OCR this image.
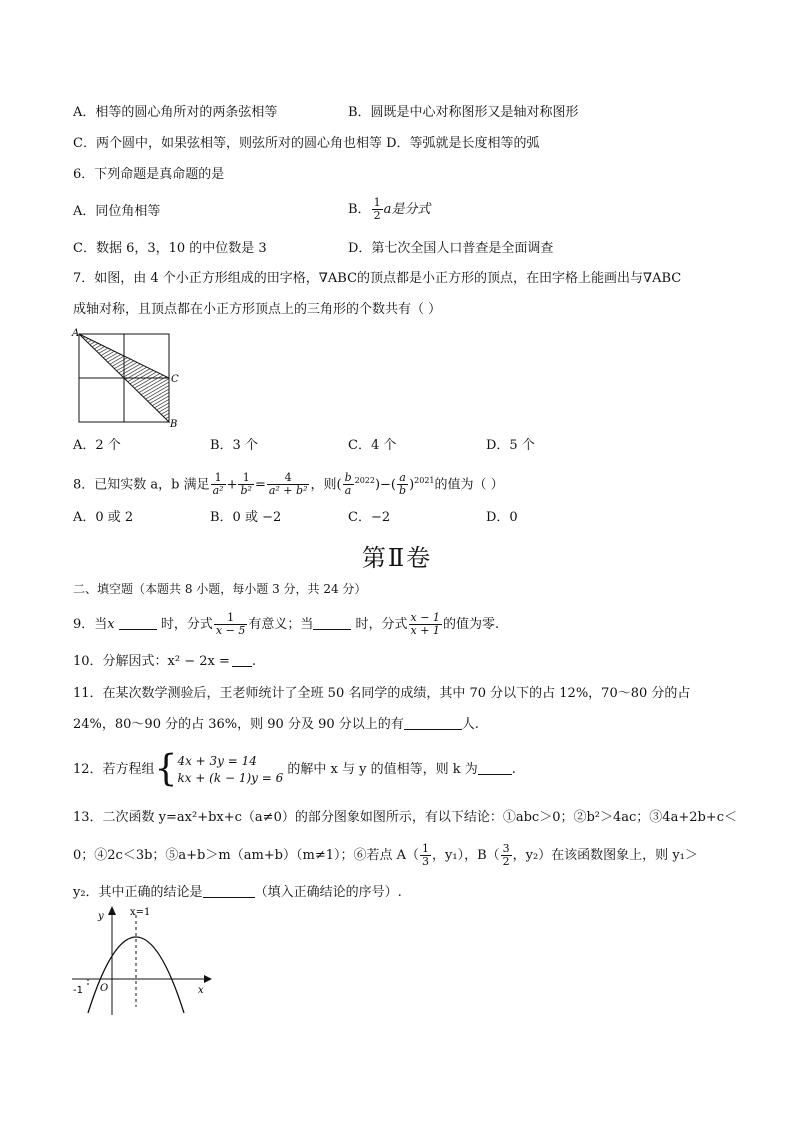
A．相等的圆心角所对的两条弦相等	B．圆既是中心对称图形又是轴对称图形
C．两个圆中，如果弦相等，则弦所对的圆心角也相等 D．等弧就是长度相等的弧
6．下列命题是真命题的是
A．同位角相等	B． $\frac{1}{2}$ a是分式
C．数据 6，3，10 的中位数是 3	D．第七次全国人口普查是全面调查
7．如图，由 4 个小正方形组成的田字格，∇ABC的顶点都是小正方形的顶点，在田字格上能画出与∇ABC
成轴对称，且顶点都在小正方形顶点上的三角形的个数共有（ ）
A
C
B
A．2 个	B．3 个	C．4 个	D．5 个
8．已知实数 a，b 满足 $\frac{1}{\text{a²}} + \frac{1}{\text{b²}} = \frac{4}{\text{a² + b²}}$ ，则( $\frac{b}{a} ^{2022})-( \frac{a}{b} )^{2021}$的值为（ ）
A．0 或 2	B．0 或 −2	C．−2	D．0
第Ⅱ卷
二、填空题（本题共 8 小题，每小题 3 分，共 24 分）
9．当x	时，分式 $\frac{1}{x - 5}$ 有意义；当	时，分式 $\frac{x - 1}{x + 1}$ 的值为零.
10．分解因式：x² − 2x = .
11．在某次数学测验后，王老师统计了全班 50 名同学的成绩，其中 70 分以下的占 12%，70～80 分的占
24%，80～90 分的占 36%，则 90 分及 90 分以上的有	人.
12．若方程组{ 4x + 3y = 14
kx + (k − 1)y = 6
的解中 x 与 y 的值相等，则 k 为	.
13．二次函数 y=ax²+bx+c（a≠0）的部分图象如图所示，有以下结论：①abc＞0；②b²＞4ac；③4a+2b+c＜
0；④2c＜3b；⑤a+b＞m（am+b）（m≠1）；⑥若点 $A( \frac{1}{3}$ ，y₁），$B( \frac{3}{2}$ ，y₂）在该函数图象上，则 y₁＞
y₂．其中正确的结论是	（填入正确结论的序号）.
y	x=1
x
O
-1
